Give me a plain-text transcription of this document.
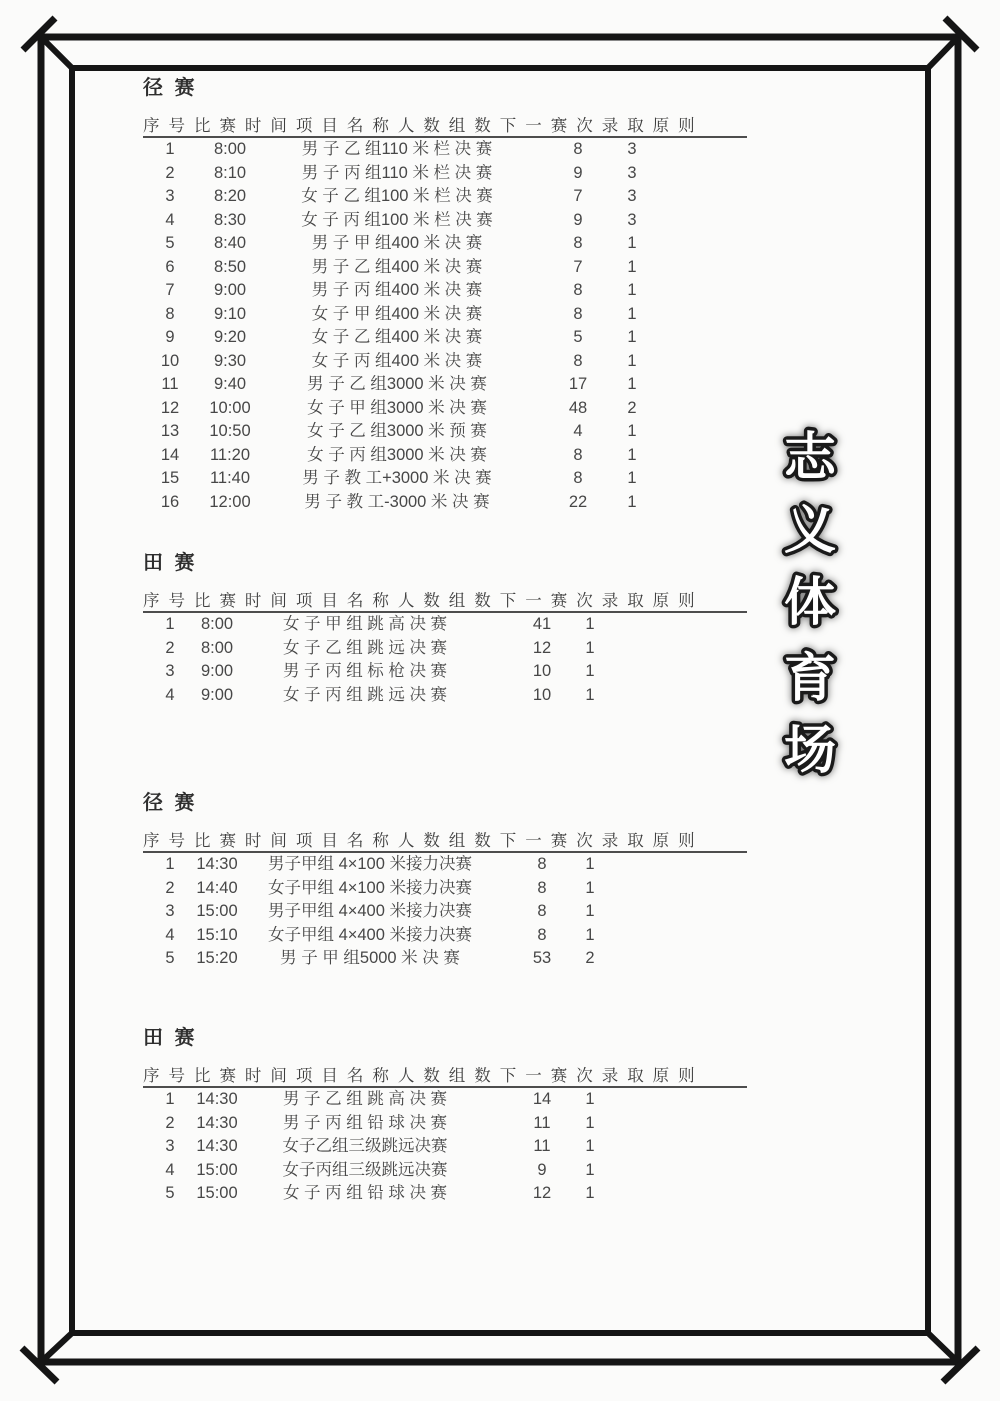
径 赛
序 号 比 赛 时 间 项 目 名 称 人 数 组 数 下 一 赛 次 录 取 原 则
1	8:00	男 子 乙 组110 米 栏 决 赛	8	3
2	8:10	男 子 丙 组110 米 栏 决 赛	9	3
3	8:20	女 子 乙 组100 米 栏 决 赛	7	3
4	8:30	女 子 丙 组100 米 栏 决 赛	9	3
5	8:40	男 子 甲 组400 米 决 赛	8	1
6	8:50	男 子 乙 组400 米 决 赛	7	1
7	9:00	男 子 丙 组400 米 决 赛	8	1
8	9:10	女 子 甲 组400 米 决 赛	8	1
9	9:20	女 子 乙 组400 米 决 赛	5	1
10	9:30	女 子 丙 组400 米 决 赛	8	1
11	9:40	男 子 乙 组3000 米 决 赛	17	1
12	10:00	女 子 甲 组3000 米 决 赛	48	2
13	10:50	女 子 乙 组3000 米 预 赛	4	1
14	11:20	女 子 丙 组3000 米 决 赛	8	1
15	11:40	男 子 教 工+3000 米 决 赛	8	1
16	12:00	男 子 教 工-3000 米 决 赛	22	1
田 赛
序 号 比 赛 时 间 项 目 名 称 人 数 组 数 下 一 赛 次 录 取 原 则
1	8:00	女 子 甲 组 跳 高 决 赛	41	1
2	8:00	女 子 乙 组 跳 远 决 赛	12	1
3	9:00	男 子 丙 组 标 枪 决 赛	10	1
4	9:00	女 子 丙 组 跳 远 决 赛	10	1
径 赛
序 号 比 赛 时 间 项 目 名 称 人 数 组 数 下 一 赛 次 录 取 原 则
1	14:30	男子甲组 4×100 米接力决赛	8	1
2	14:40	女子甲组 4×100 米接力决赛	8	1
3	15:00	男子甲组 4×400 米接力决赛	8	1
4	15:10	女子甲组 4×400 米接力决赛	8	1
5	15:20	男 子 甲 组5000 米 决 赛	53	2
田 赛
序 号 比 赛 时 间 项 目 名 称 人 数 组 数 下 一 赛 次 录 取 原 则
1	14:30	男 子 乙 组 跳 高 决 赛	14	1
2	14:30	男 子 丙 组 铅 球 决 赛	11	1
3	14:30	女子乙组三级跳远决赛	11	1
4	15:00	女子丙组三级跳远决赛	9	1
5	15:00	女 子 丙 组 铅 球 决 赛	12	1
志
义
体
育
场
